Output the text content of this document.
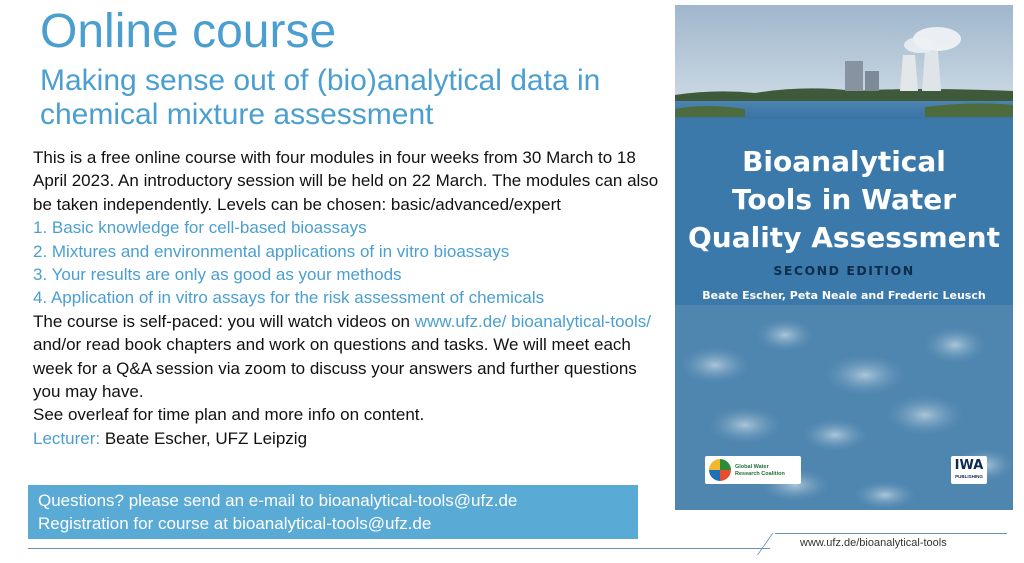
Online course
Making sense out of (bio)analytical data in chemical mixture assessment

This is a free online course with four modules in four weeks from 30 March to 18 April 2023. An introductory session will be held on 22 March. The modules can also be taken independently. Levels can be chosen: basic/advanced/expert

1. Basic knowledge for cell-based bioassays
2. Mixtures and environmental applications of in vitro bioassays
3. Your results are only as good as your methods
4. Application of in vitro assays for the risk assessment of chemicals

The course is self-paced: you will watch videos on www.ufz.de/ bioanalytical-tools/ and/or read book chapters and work on questions and tasks. We will meet each week for a Q&A session via zoom to discuss your answers and further questions you may have.

See overleaf for time plan and more info on content.

Lecturer: Beate Escher, UFZ Leipzig

Questions? please send an e-mail to bioanalytical-tools@ufz.de
Registration for course at bioanalytical-tools@ufz.de
www.ufz.de/bioanalytical-tools
Bioanalytical
Tools in Water
Quality Assessment
SECOND EDITION
Beate Escher, Peta Neale and Frederic Leusch
Global Water
Research Coalition
IWA
PUBLISHING
